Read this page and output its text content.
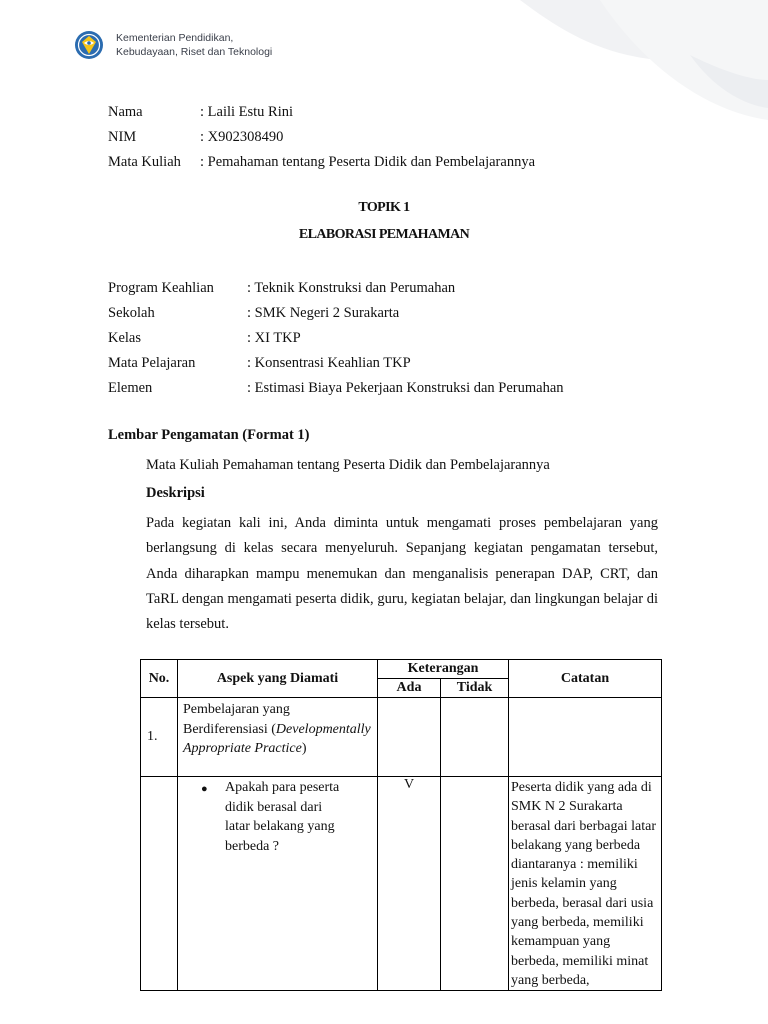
Kementerian Pendidikan,
Kebudayaan, Riset dan Teknologi
Nama	: Laili Estu Rini
NIM	: X902308490
Mata Kuliah	: Pemahaman tentang Peserta Didik dan Pembelajarannya
TOPIK 1
ELABORASI PEMAHAMAN
Program Keahlian	: Teknik Konstruksi dan Perumahan
Sekolah	: SMK Negeri 2 Surakarta
Kelas	: XI TKP
Mata Pelajaran	: Konsentrasi Keahlian TKP
Elemen	: Estimasi Biaya Pekerjaan Konstruksi dan Perumahan
Lembar Pengamatan (Format 1)
Mata Kuliah Pemahaman tentang Peserta Didik dan Pembelajarannya
Deskripsi
Pada kegiatan kali ini, Anda diminta untuk mengamati proses pembelajaran yang berlangsung di kelas secara menyeluruh. Sepanjang kegiatan pengamatan tersebut, Anda diharapkan mampu menemukan dan menganalisis penerapan DAP, CRT, dan TaRL dengan mengamati peserta didik, guru, kegiatan belajar, dan lingkungan belajar di kelas tersebut.
No.	Aspek yang Diamati	Keterangan		Catatan
		Ada	Tidak	
1.	Pembelajaran yang Berdiferensiasi (Developmentally Appropriate Practice)			

	● Apakah para peserta didik berasal dari latar belakang yang berbeda ?	V		Peserta didik yang ada di SMK N 2 Surakarta berasal dari berbagai latar belakang yang berbeda diantaranya : memiliki jenis kelamin yang berbeda, berasal dari usia yang berbeda, memiliki kemampuan yang berbeda, memiliki minat yang berbeda,
